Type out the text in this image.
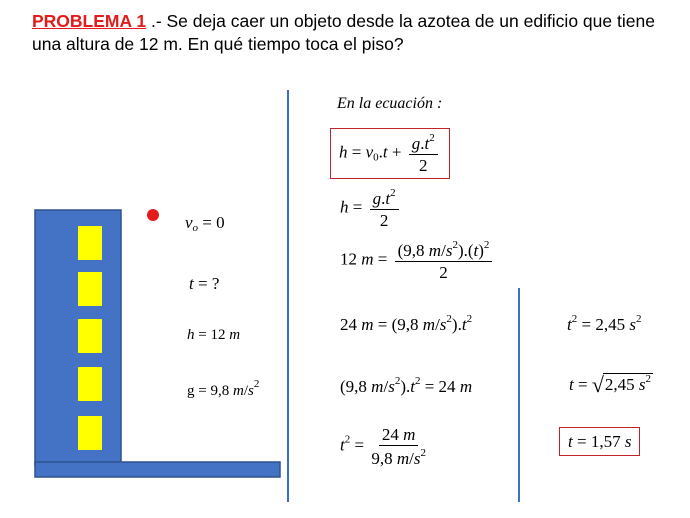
PROBLEMA 1 .- Se deja caer un objeto desde la azotea de un edificio que tiene una altura de 12 m. En qué tiempo toca el piso?
$v_o = 0$
t = ?
h = 12 m
g = 9,8 $m/s^2$
En la ecuación :
$h = v_0.t + \frac{g.t^2}{2}$
$h = \frac{g.t^2}{2}$
12 $m = \frac{(9,8 m/s^2).(t)^2}{2}$
24 m = (9,8 $m/s^2).t^2$
(9,8 $m/s^2).t^2 = 24$ m
$t^2 = \frac{24 m}{9,8 m/s^2}$
$t^2 = 2,45$ $s^2$
t = √2,45 $s^2$
t = 1,57 s
